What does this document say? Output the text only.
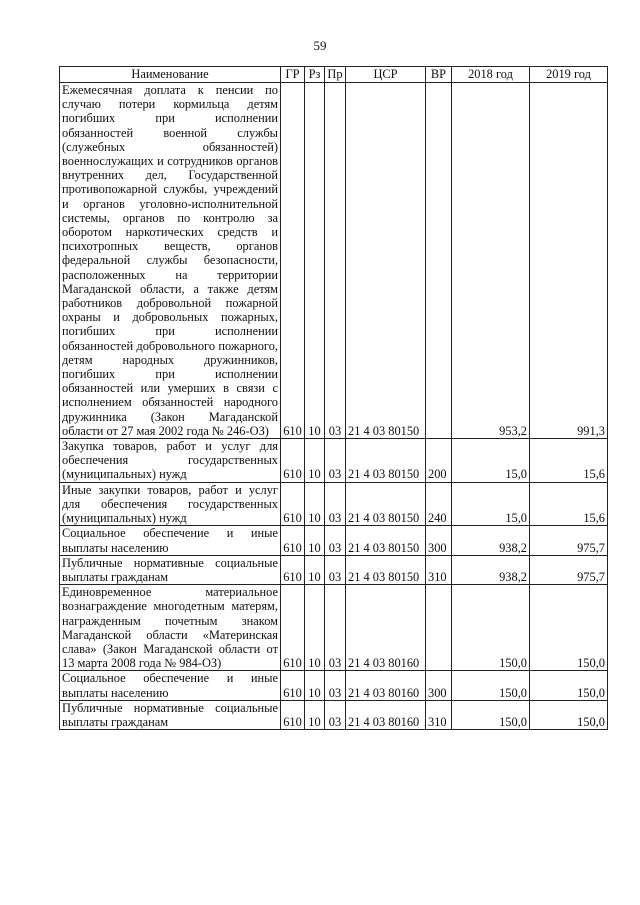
59
Наименование	ГР	Рз	Пр	ЦСР	ВР	2018 год	2019 год
Ежемесячная доплата к пенсии по случаю потери кормильца детям погибших при исполнении обязанностей военной службы (служебных обязанностей) военнослужащих и сотрудников органов внутренних дел, Государственной противопожарной службы, учреждений и органов уголовно-исполнительной системы, органов по контролю за оборотом наркотических средств и психотропных веществ, органов федеральной службы безопасности, расположенных на территории Магаданской области, а также детям работников добровольной пожарной охраны и добровольных пожарных, погибших при исполнении обязанностей добровольного пожарного, детям народных дружинников, погибших при исполнении обязанностей или умерших в связи с исполнением обязанностей народного дружинника (Закон Магаданской области от 27 мая 2002 года № 246-ОЗ)	610	10	03	21 4 03 80150		953,2	991,3
Закупка товаров, работ и услуг для обеспечения государственных (муниципальных) нужд	610	10	03	21 4 03 80150	200	15,0	15,6
Иные закупки товаров, работ и услуг для обеспечения государственных (муниципальных) нужд	610	10	03	21 4 03 80150	240	15,0	15,6
Социальное обеспечение и иные выплаты населению	610	10	03	21 4 03 80150	300	938,2	975,7
Публичные нормативные социальные выплаты гражданам	610	10	03	21 4 03 80150	310	938,2	975,7
Единовременное материальное вознаграждение многодетным матерям, награжденным почетным знаком Магаданской области «Материнская слава» (Закон Магаданской области от 13 марта 2008 года № 984-ОЗ)	610	10	03	21 4 03 80160		150,0	150,0
Социальное обеспечение и иные выплаты населению	610	10	03	21 4 03 80160	300	150,0	150,0
Публичные нормативные социальные выплаты гражданам	610	10	03	21 4 03 80160	310	150,0	150,0
